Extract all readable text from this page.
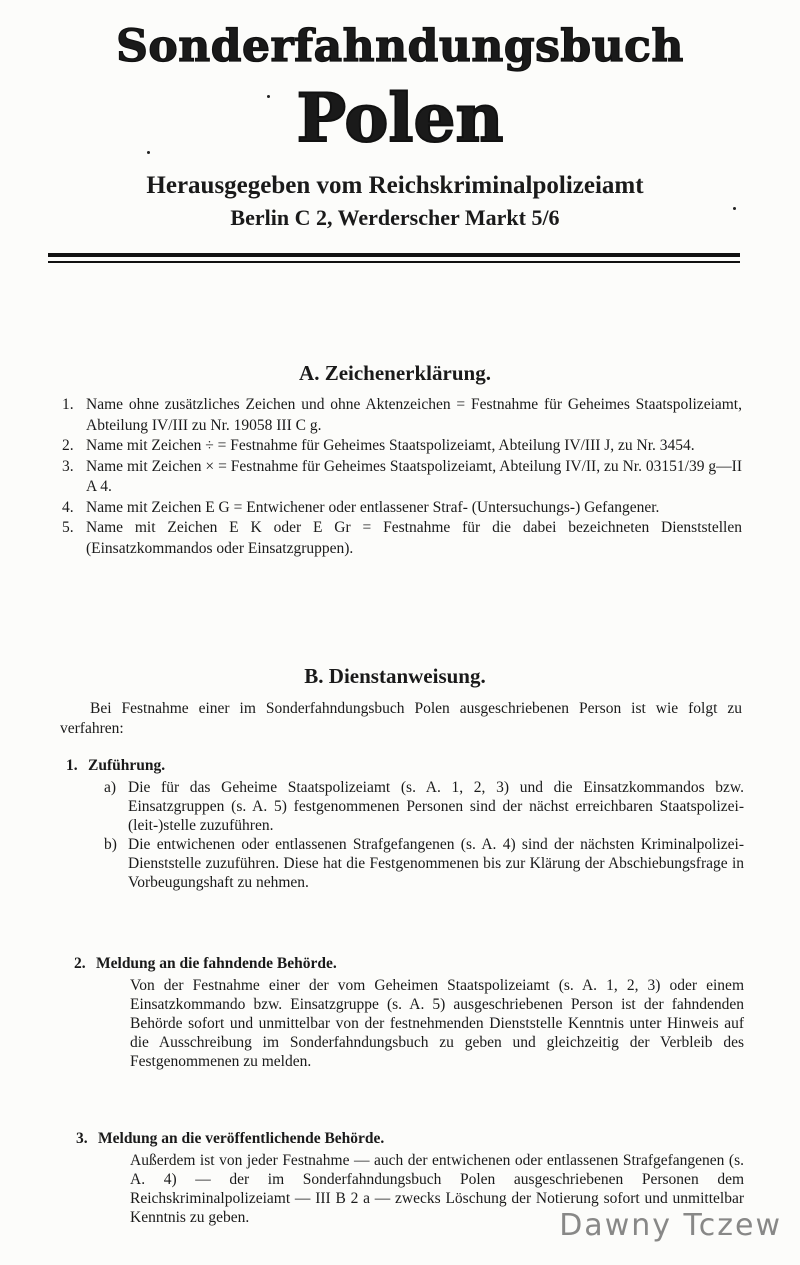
Sonderfahndungsbuch
Polen
Herausgegeben vom Reichskriminalpolizeiamt
Berlin C 2, Werderscher Markt 5/6
A. Zeichenerklärung.
1. Name ohne zusätzliches Zeichen und ohne Aktenzeichen = Festnahme für Geheimes Staatspolizeiamt, Abteilung IV/III zu Nr. 19058 III C g.
2. Name mit Zeichen ÷ = Festnahme für Geheimes Staatspolizeiamt, Abteilung IV/III J, zu Nr. 3454.
3. Name mit Zeichen × = Festnahme für Geheimes Staatspolizeiamt, Abteilung IV/II, zu Nr. 03151/39 g—II A 4.
4. Name mit Zeichen E G = Entwichener oder entlassener Straf- (Untersuchungs-) Gefangener.
5. Name mit Zeichen E K oder E Gr = Festnahme für die dabei bezeichneten Dienststellen (Einsatzkommandos oder Einsatzgruppen).
B. Dienstanweisung.
Bei Festnahme einer im Sonderfahndungsbuch Polen ausgeschriebenen Person ist wie folgt zu verfahren:
1. Zuführung.
a) Die für das Geheime Staatspolizeiamt (s. A. 1, 2, 3) und die Einsatzkommandos bzw. Einsatzgruppen (s. A. 5) festgenommenen Personen sind der nächst erreichbaren Staatspolizei-(leit-)stelle zuzuführen.
b) Die entwichenen oder entlassenen Strafgefangenen (s. A. 4) sind der nächsten Kriminalpolizei-Dienststelle zuzuführen. Diese hat die Festgenommenen bis zur Klärung der Abschiebungsfrage in Vorbeugungshaft zu nehmen.
2. Meldung an die fahndende Behörde.
Von der Festnahme einer der vom Geheimen Staatspolizeiamt (s. A. 1, 2, 3) oder einem Einsatzkommando bzw. Einsatzgruppe (s. A. 5) ausgeschriebenen Person ist der fahndenden Behörde sofort und unmittelbar von der festnehmenden Dienststelle Kenntnis unter Hinweis auf die Ausschreibung im Sonderfahndungsbuch zu geben und gleichzeitig der Verbleib des Festgenommenen zu melden.
3. Meldung an die veröffentlichende Behörde.
Außerdem ist von jeder Festnahme — auch der entwichenen oder entlassenen Strafgefangenen (s. A. 4) — der im Sonderfahndungsbuch Polen ausgeschriebenen Personen dem Reichskriminalpolizeiamt — III B 2 a — zwecks Löschung der Notierung sofort und unmittelbar Kenntnis zu geben.	Dawny Tczew
